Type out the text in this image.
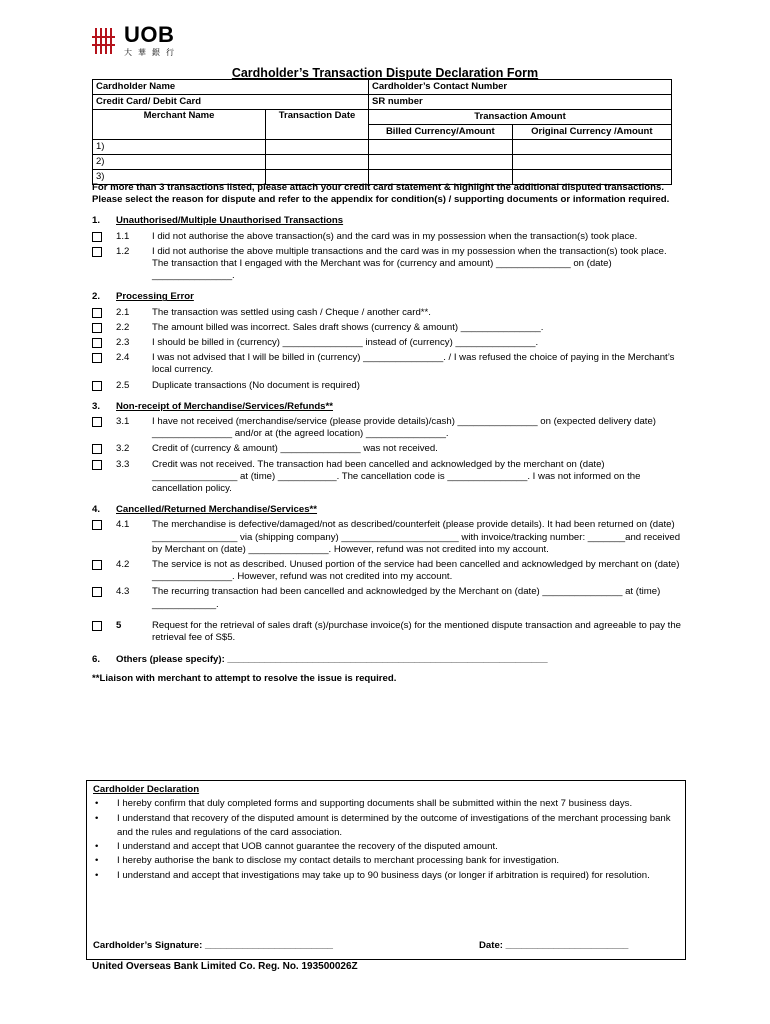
UOB
大華銀行
Cardholder’s Transaction Dispute Declaration Form
Cardholder Name		Cardholder’s Contact Number	
Credit Card/ Debit Card		SR number	
Merchant Name	Transaction Date	Transaction Amount	
		Billed Currency/Amount	Original Currency /Amount
1)			
2)			
3)			
For more than 3 transactions listed, please attach your credit card statement & highlight the additional disputed transactions. Please select the reason for dispute and refer to the appendix for condition(s) / supporting documents or information required.
1.	Unauthorised/Multiple Unauthorised Transactions
1.1	I did not authorise the above transaction(s) and the card was in my possession when the transaction(s) took place.
1.2	I did not authorise the above multiple transactions and the card was in my possession when the transaction(s) took place. The transaction that I engaged with the Merchant was for (currency and amount) ______________ on (date) _______________.
2.	Processing Error
2.1	The transaction was settled using cash / Cheque / another card**.
2.2	The amount billed was incorrect. Sales draft shows (currency & amount) _______________.
2.3	I should be billed in (currency) _______________ instead of (currency) _______________.
2.4	I was not advised that I will be billed in (currency) _______________. / I was refused the choice of paying in the Merchant’s local currency.
2.5	Duplicate transactions (No document is required)
3.	Non-receipt of Merchandise/Services/Refunds**
3.1	I have not received (merchandise/service (please provide details)/cash) _______________ on (expected delivery date) _______________ and/or at (the agreed location) _______________.
3.2	Credit of (currency & amount) _______________ was not received.
3.3	Credit was not received. The transaction had been cancelled and acknowledged by the merchant on (date) ________________ at (time) ___________. The cancellation code is _______________. I was not informed on the cancellation policy.
4.	Cancelled/Returned Merchandise/Services**
4.1	The merchandise is defective/damaged/not as described/counterfeit (please provide details). It had been returned on (date) ________________ via (shipping company) ______________________ with invoice/tracking number: _______and received by Merchant on (date) _______________. However, refund was not credited into my account.
4.2	The service is not as described. Unused portion of the service had been cancelled and acknowledged by merchant on (date) _______________. However, refund was not credited into my account.
4.3	The recurring transaction had been cancelled and acknowledged by the Merchant on (date) _______________ at (time) ____________.
5	Request for the retrieval of sales draft (s)/purchase invoice(s) for the mentioned dispute transaction and agreeable to pay the retrieval fee of S$5.
6.	Others (please specify): ____________________________________________________________
**Liaison with merchant to attempt to resolve the issue is required.
Cardholder Declaration
• I hereby confirm that duly completed forms and supporting documents shall be submitted within the next 7 business days.
• I understand that recovery of the disputed amount is determined by the outcome of investigations of the merchant processing bank and the rules and regulations of the card association.
• I understand and accept that UOB cannot guarantee the recovery of the disputed amount.
• I hereby authorise the bank to disclose my contact details to merchant processing bank for investigation.
• I understand and accept that investigations may take up to 90 business days (or longer if arbitration is required) for resolution.
Cardholder’s Signature: ________________________	Date: _______________________
United Overseas Bank Limited Co. Reg. No. 193500026Z
